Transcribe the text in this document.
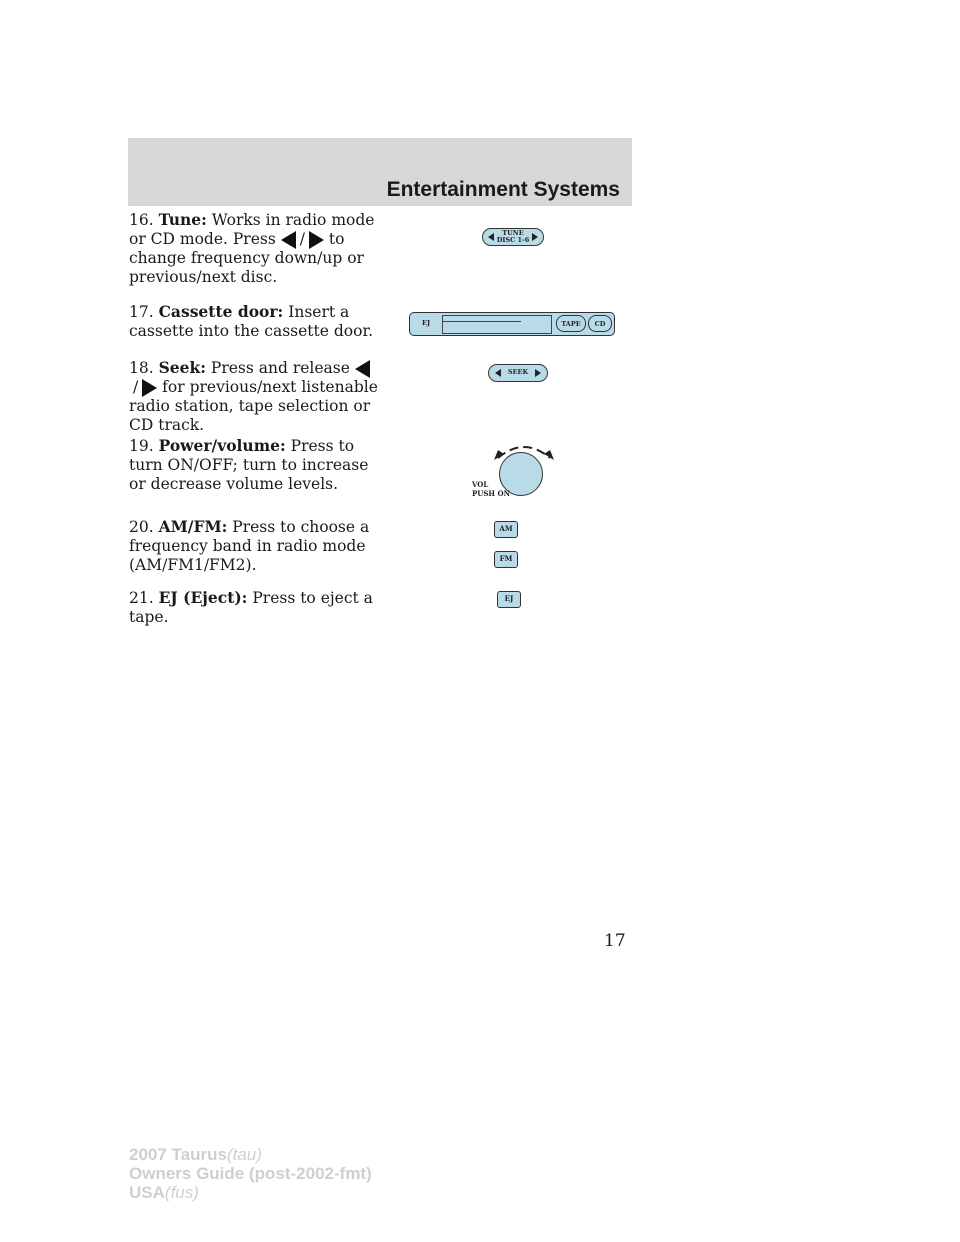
Entertainment Systems
16. Tune: Works in radio mode or CD mode. Press / to change frequency down/up or previous/next disc.
17. Cassette door: Insert a cassette into the cassette door.
18. Seek: Press and release / for previous/next listenable radio station, tape selection or CD track.
19. Power/volume: Press to turn ON/OFF; turn to increase or decrease volume levels.
20. AM/FM: Press to choose a frequency band in radio mode (AM/FM1/FM2).
21. EJ (Eject): Press to eject a tape.
TUNE
DISC 1-6
EJ	TAPE	CD
SEEK
VOL
PUSH ON
AM
FM
EJ
17
2007 Taurus(tau)
Owners Guide (post-2002-fmt)
USA(fus)
